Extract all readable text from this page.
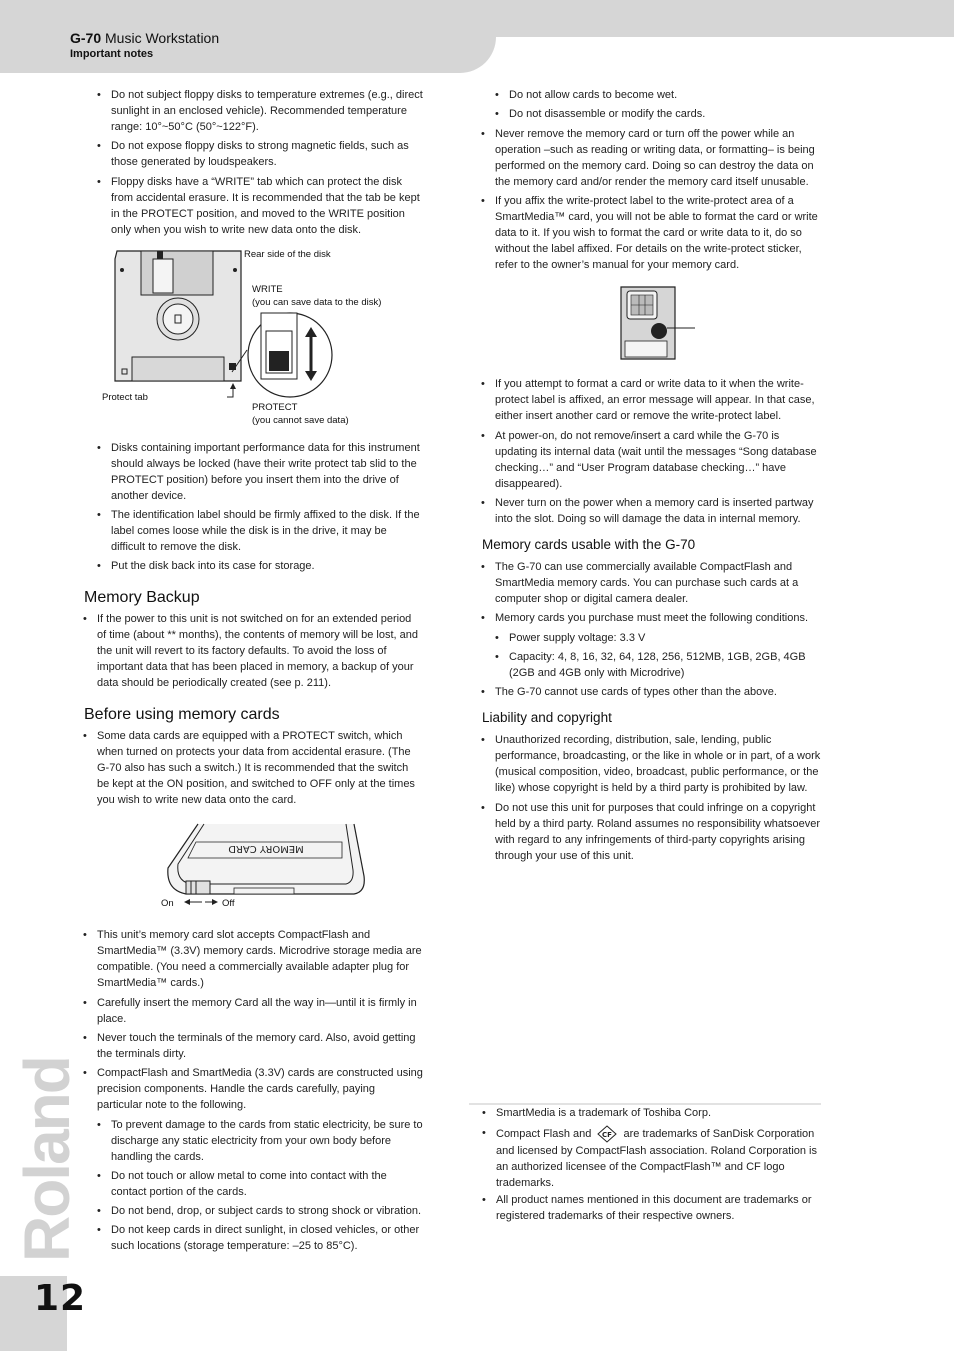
G-70 Music Workstation
Important notes
• Do not subject floppy disks to temperature extremes (e.g., direct sunlight in an enclosed vehicle). Recommended temperature range: 10°~50°C (50°~122°F).
• Do not expose floppy disks to strong magnetic fields, such as those generated by loudspeakers.
• Floppy disks have a “WRITE” tab which can protect the disk from accidental erasure. It is recommended that the tab be kept in the PROTECT position, and moved to the WRITE position only when you wish to write new data onto the disk.
Rear side of the disk
WRITE
(you can save data to the disk)
Protect tab
PROTECT
(you cannot save data)
• Disks containing important performance data for this instrument should always be locked (have their write protect tab slid to the PROTECT position) before you insert them into the drive of another device.
• The identification label should be firmly affixed to the disk. If the label comes loose while the disk is in the drive, it may be difficult to remove the disk.
• Put the disk back into its case for storage.
Memory Backup
• If the power to this unit is not switched on for an extended period of time (about ** months), the contents of memory will be lost, and the unit will revert to its factory defaults. To avoid the loss of important data that has been placed in memory, a backup of your data should be periodically created (see p. 211).
Before using memory cards
• Some data cards are equipped with a PROTECT switch, which when turned on protects your data from accidental erasure. (The G-70 also has such a switch.) It is recommended that the switch be kept at the ON position, and switched to OFF only at the times you wish to write new data onto the card.
MEMORY CARD
On	Off
• This unit’s memory card slot accepts CompactFlash and SmartMedia™ (3.3V) memory cards. Microdrive storage media are compatible. (You need a commercially available adapter plug for SmartMedia™ cards.)
• Carefully insert the memory Card all the way in—until it is firmly in place.
• Never touch the terminals of the memory card. Also, avoid getting the terminals dirty.
• CompactFlash and SmartMedia (3.3V) cards are constructed using precision components. Handle the cards carefully, paying particular note to the following.
• To prevent damage to the cards from static electricity, be sure to discharge any static electricity from your own body before handling the cards.
• Do not touch or allow metal to come into contact with the contact portion of the cards.
• Do not bend, drop, or subject cards to strong shock or vibration.
• Do not keep cards in direct sunlight, in closed vehicles, or other such locations (storage temperature: –25 to 85°C).
• Do not allow cards to become wet.
• Do not disassemble or modify the cards.
• Never remove the memory card or turn off the power while an operation –such as reading or writing data, or formatting– is being performed on the memory card. Doing so can destroy the data on the memory card and/or render the memory card itself unusable.
• If you affix the write-protect label to the write-protect area of a SmartMedia™ card, you will not be able to format the card or write data to it. If you wish to format the card or write data to it, do so without the label affixed. For details on the write-protect sticker, refer to the owner’s manual for your memory card.
• If you attempt to format a card or write data to it when the write-protect label is affixed, an error message will appear. In that case, either insert another card or remove the write-protect label.
• At power-on, do not remove/insert a card while the G-70 is updating its internal data (wait until the messages “Song database checking…” and “User Program database checking…” have disappeared).
• Never turn on the power when a memory card is inserted partway into the slot. Doing so will damage the data in internal memory.
Memory cards usable with the G-70
• The G-70 can use commercially available CompactFlash and SmartMedia memory cards. You can purchase such cards at a computer shop or digital camera dealer.
• Memory cards you purchase must meet the following conditions.
• Power supply voltage: 3.3 V
• Capacity: 4, 8, 16, 32, 64, 128, 256, 512MB, 1GB, 2GB, 4GB (2GB and 4GB only with Microdrive)
• The G-70 cannot use cards of types other than the above.
Liability and copyright
• Unauthorized recording, distribution, sale, lending, public performance, broadcasting, or the like in whole or in part, of a work (musical composition, video, broadcast, public performance, or the like) whose copyright is held by a third party is prohibited by law.
• Do not use this unit for purposes that could infringe on a copyright held by a third party. Roland assumes no responsibility whatsoever with regard to any infringements of third-party copyrights arising through your use of this unit.
• SmartMedia is a trademark of Toshiba Corp.
• Compact Flash and CF are trademarks of SanDisk Corporation and licensed by CompactFlash association. Roland Corporation is an authorized licensee of the CompactFlash™ and CF logo trademarks.
• All product names mentioned in this document are trademarks or registered trademarks of their respective owners.
Roland
12
